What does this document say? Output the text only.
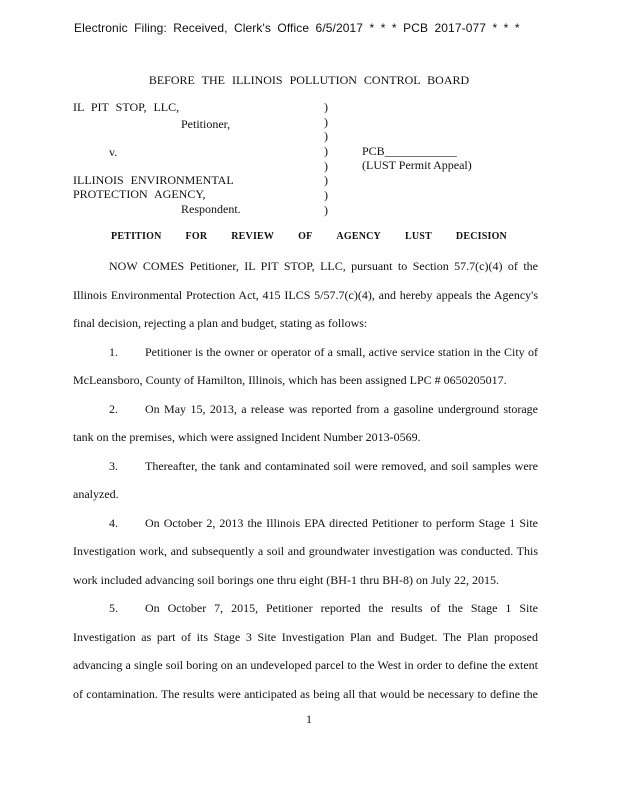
Electronic Filing: Received, Clerk's Office 6/5/2017 * * * PCB 2017-077 * * *
BEFORE THE ILLINOIS POLLUTION CONTROL BOARD
IL PIT STOP, LLC,
Petitioner,
v.
ILLINOIS ENVIRONMENTAL
PROTECTION AGENCY,
Respondent.
)
)
)
)
)
)
)
)
PCB____________
(LUST Permit Appeal)
PETITION FOR REVIEW OF AGENCY LUST DECISION
NOW COMES Petitioner, IL PIT STOP, LLC, pursuant to Section 57.7(c)(4) of the
Illinois Environmental Protection Act, 415 ILCS 5/57.7(c)(4), and hereby appeals the Agency's
final decision, rejecting a plan and budget, stating as follows:
1. Petitioner is the owner or operator of a small, active service station in the City of
McLeansboro, County of Hamilton, Illinois, which has been assigned LPC # 0650205017.
2. On May 15, 2013, a release was reported from a gasoline underground storage
tank on the premises, which were assigned Incident Number 2013-0569.
3. Thereafter, the tank and contaminated soil were removed, and soil samples were
analyzed.
4. On October 2, 2013 the Illinois EPA directed Petitioner to perform Stage 1 Site
Investigation work, and subsequently a soil and groundwater investigation was conducted. This
work included advancing soil borings one thru eight (BH-1 thru BH-8) on July 22, 2015.
5. On October 7, 2015, Petitioner reported the results of the Stage 1 Site
Investigation as part of its Stage 3 Site Investigation Plan and Budget. The Plan proposed
advancing a single soil boring on an undeveloped parcel to the West in order to define the extent
of contamination. The results were anticipated as being all that would be necessary to define the
1
